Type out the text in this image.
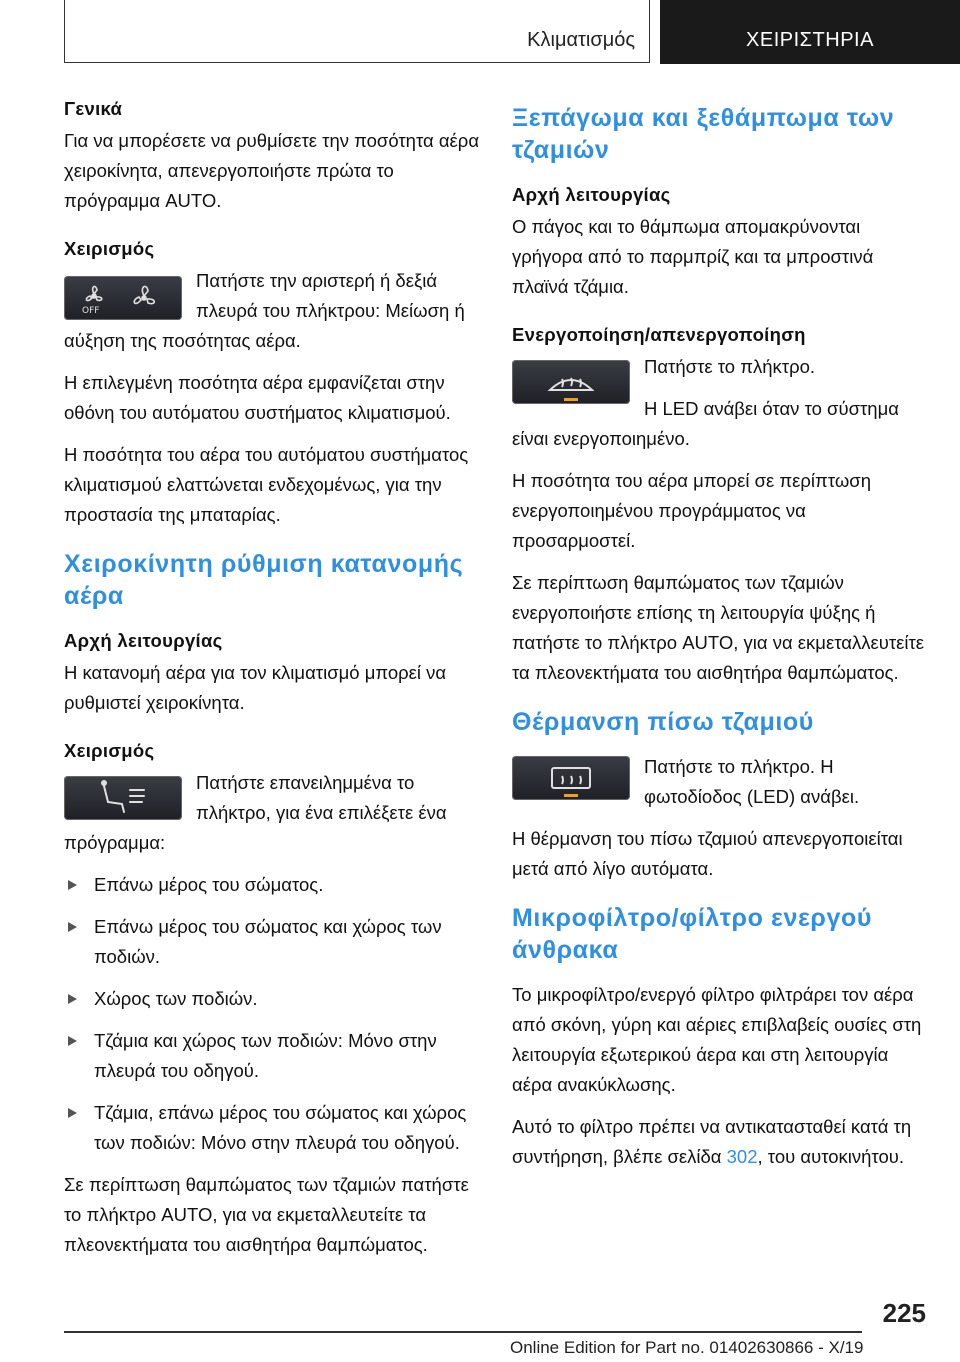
Κλιματισμός	ΧΕΙΡΙΣΤΗΡΙΑ
Γενικά

Για να μπορέσετε να ρυθμίσετε την ποσότητα αέρα χειροκίνητα, απενεργοποιήστε πρώτα το πρόγραμμα AUTO.

Χειρισμός
OFF
Πατήστε την αριστερή ή δεξιά πλευρά του πλήκτρου: Μείωση ή αύξηση της ποσότητας αέρα.

Η επιλεγμένη ποσότητα αέρα εμφανίζεται στην οθόνη του αυτόματου συστήματος κλιματισμού.

Η ποσότητα του αέρα του αυτόματου συστήματος κλιματισμού ελαττώνεται ενδεχομένως, για την προστασία της μπαταρίας.

Χειροκίνητη ρύθμιση κατανομής αέρα
Αρχή λειτουργίας

Η κατανομή αέρα για τον κλιματισμό μπορεί να ρυθμιστεί χειροκίνητα.

Χειρισμός
Πατήστε επανειλημμένα το πλήκτρο, για ένα επιλέξετε ένα πρόγραμμα:
Επάνω μέρος του σώματος.
Επάνω μέρος του σώματος και χώρος των ποδιών.
Χώρος των ποδιών.
Τζάμια και χώρος των ποδιών: Μόνο στην πλευρά του οδηγού.
Τζάμια, επάνω μέρος του σώματος και χώρος των ποδιών: Μόνο στην πλευρά του οδηγού.

Σε περίπτωση θαμπώματος των τζαμιών πατήστε το πλήκτρο AUTO, για να εκμεταλλευτείτε τα πλεονεκτήματα του αισθητήρα θαμπώματος.

Ξεπάγωμα και ξεθάμπωμα των τζαμιών
Αρχή λειτουργίας

Ο πάγος και το θάμπωμα απομακρύνονται γρήγορα από το παρμπρίζ και τα μπροστινά πλαϊνά τζάμια.

Ενεργοποίηση/απενεργοποίηση
Πατήστε το πλήκτρο.
Η LED ανάβει όταν το σύστημα είναι ενεργοποιημένο.

Η ποσότητα του αέρα μπορεί σε περίπτωση ενεργοποιημένου προγράμματος να προσαρμοστεί.

Σε περίπτωση θαμπώματος των τζαμιών ενεργοποιήστε επίσης τη λειτουργία ψύξης ή πατήστε το πλήκτρο AUTO, για να εκμεταλλευτείτε τα πλεονεκτήματα του αισθητήρα θαμπώματος.

Θέρμανση πίσω τζαμιού
Πατήστε το πλήκτρο. Η φωτοδίοδος (LED) ανάβει.

Η θέρμανση του πίσω τζαμιού απενεργοποιείται μετά από λίγο αυτόματα.

Μικροφίλτρο/φίλτρο ενεργού άνθρακα

Το μικροφίλτρο/ενεργό φίλτρο φιλτράρει τον αέρα από σκόνη, γύρη και αέριες επιβλαβείς ουσίες στη λειτουργία εξωτερικού άερα και στη λειτουργία αέρα ανακύκλωσης.

Αυτό το φίλτρο πρέπει να αντικατασταθεί κατά τη συντήρηση, βλέπε σελίδα 302, του αυτοκινήτου.

225
Online Edition for Part no. 01402630866 - X/19
